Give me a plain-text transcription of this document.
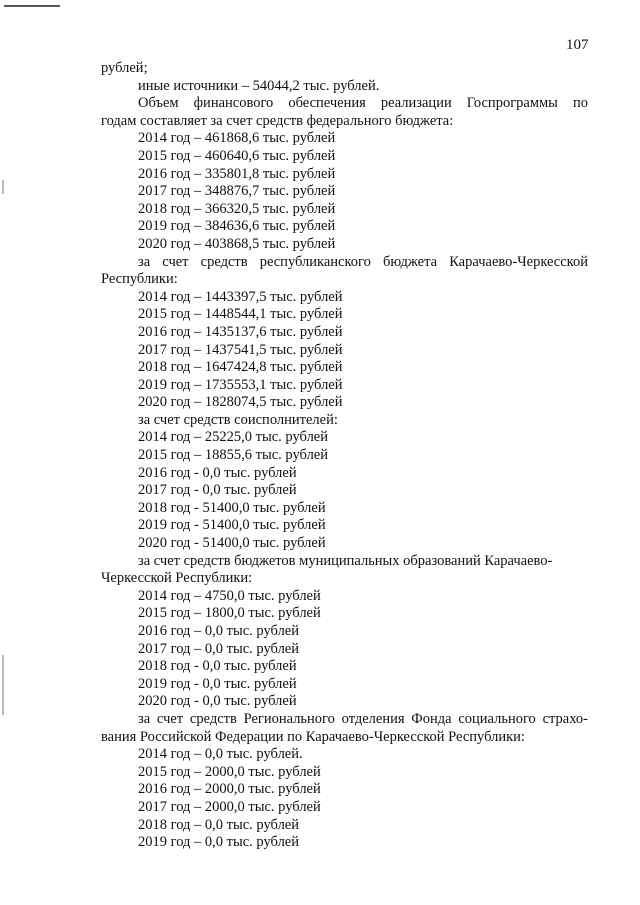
107
рублей;
иные источники – 54044,2 тыс. рублей.
Объем финансового обеспечения реализации Госпрограммы по
годам составляет за счет средств федерального бюджета:
2014 год – 461868,6 тыс. рублей
2015 год – 460640,6 тыс. рублей
2016 год – 335801,8 тыс. рублей
2017 год – 348876,7 тыс. рублей
2018 год – 366320,5 тыс. рублей
2019 год – 384636,6 тыс. рублей
2020 год – 403868,5 тыс. рублей
за счет средств республиканского бюджета Карачаево-Черкесской
Республики:
2014 год – 1443397,5 тыс. рублей
2015 год – 1448544,1 тыс. рублей
2016 год – 1435137,6 тыс. рублей
2017 год – 1437541,5 тыс. рублей
2018 год – 1647424,8 тыс. рублей
2019 год – 1735553,1 тыс. рублей
2020 год – 1828074,5 тыс. рублей
за счет средств соисполнителей:
2014 год – 25225,0 тыс. рублей
2015 год – 18855,6 тыс. рублей
2016 год - 0,0 тыс. рублей
2017 год - 0,0 тыс. рублей
2018 год - 51400,0 тыс. рублей
2019 год - 51400,0 тыс. рублей
2020 год - 51400,0 тыс. рублей
за счет средств бюджетов муниципальных образований Карачаево-
Черкесской Республики:
2014 год – 4750,0 тыс. рублей
2015 год – 1800,0 тыс. рублей
2016 год – 0,0 тыс. рублей
2017 год – 0,0 тыс. рублей
2018 год - 0,0 тыс. рублей
2019 год - 0,0 тыс. рублей
2020 год - 0,0 тыс. рублей
за счет средств Регионального отделения Фонда социального страхо-
вания Российской Федерации по Карачаево-Черкесской Республики:
2014 год – 0,0 тыс. рублей.
2015 год – 2000,0 тыс. рублей
2016 год – 2000,0 тыс. рублей
2017 год – 2000,0 тыс. рублей
2018 год – 0,0 тыс. рублей
2019 год – 0,0 тыс. рублей
